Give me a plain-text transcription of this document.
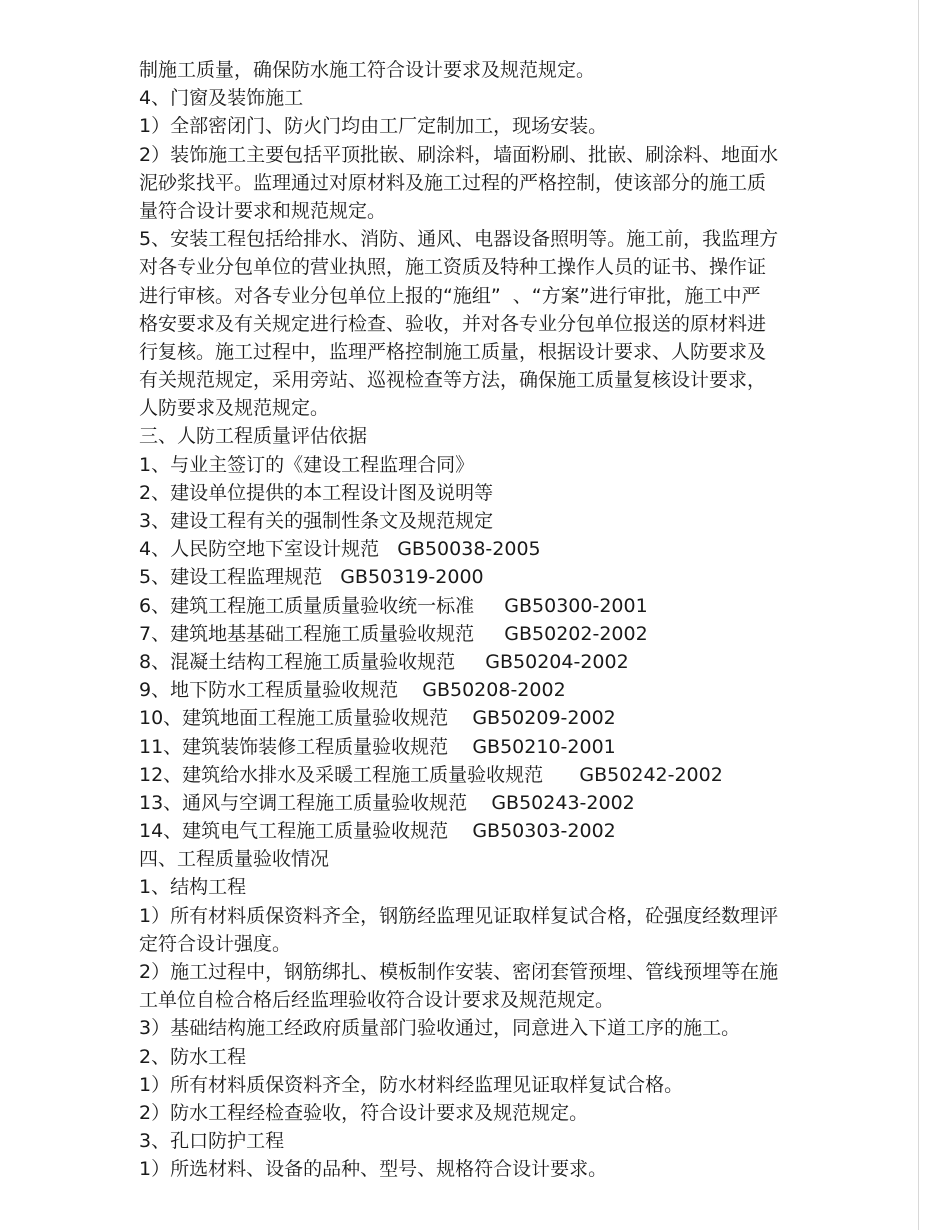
制施工质量，确保防水施工符合设计要求及规范规定。
4、门窗及装饰施工
1）全部密闭门、防火门均由工厂定制加工，现场安装。
2）装饰施工主要包括平顶批嵌、刷涂料，墙面粉刷、批嵌、刷涂料、地面水
泥砂浆找平。监理通过对原材料及施工过程的严格控制，使该部分的施工质
量符合设计要求和规范规定。
5、安装工程包括给排水、消防、通风、电器设备照明等。施工前，我监理方
对各专业分包单位的营业执照，施工资质及特种工操作人员的证书、操作证
进行审核。对各专业分包单位上报的“施组”  、“方案”进行审批，施工中严
格安要求及有关规定进行检查、验收，并对各专业分包单位报送的原材料进
行复核。施工过程中，监理严格控制施工质量，根据设计要求、人防要求及
有关规范规定，采用旁站、巡视检查等方法，确保施工质量复核设计要求，
人防要求及规范规定。
三、人防工程质量评估依据
1、与业主签订的《建设工程监理合同》
2、建设单位提供的本工程设计图及说明等
3、建设工程有关的强制性条文及规范规定
4、人民防空地下室设计规范   GB50038-2005
5、建设工程监理规范   GB50319-2000
6、建筑工程施工质量质量验收统一标准     GB50300-2001
7、建筑地基基础工程施工质量验收规范     GB50202-2002
8、混凝土结构工程施工质量验收规范     GB50204-2002
9、地下防水工程质量验收规范    GB50208-2002
10、建筑地面工程施工质量验收规范    GB50209-2002
11、建筑装饰装修工程质量验收规范    GB50210-2001
12、建筑给水排水及采暖工程施工质量验收规范      GB50242-2002
13、通风与空调工程施工质量验收规范    GB50243-2002
14、建筑电气工程施工质量验收规范    GB50303-2002
四、工程质量验收情况
1、结构工程
1）所有材料质保资料齐全，钢筋经监理见证取样复试合格，砼强度经数理评
定符合设计强度。
2）施工过程中，钢筋绑扎、模板制作安装、密闭套管预埋、管线预埋等在施
工单位自检合格后经监理验收符合设计要求及规范规定。
3）基础结构施工经政府质量部门验收通过，同意进入下道工序的施工。
2、防水工程
1）所有材料质保资料齐全，防水材料经监理见证取样复试合格。
2）防水工程经检查验收，符合设计要求及规范规定。
3、孔口防护工程
1）所选材料、设备的品种、型号、规格符合设计要求。
